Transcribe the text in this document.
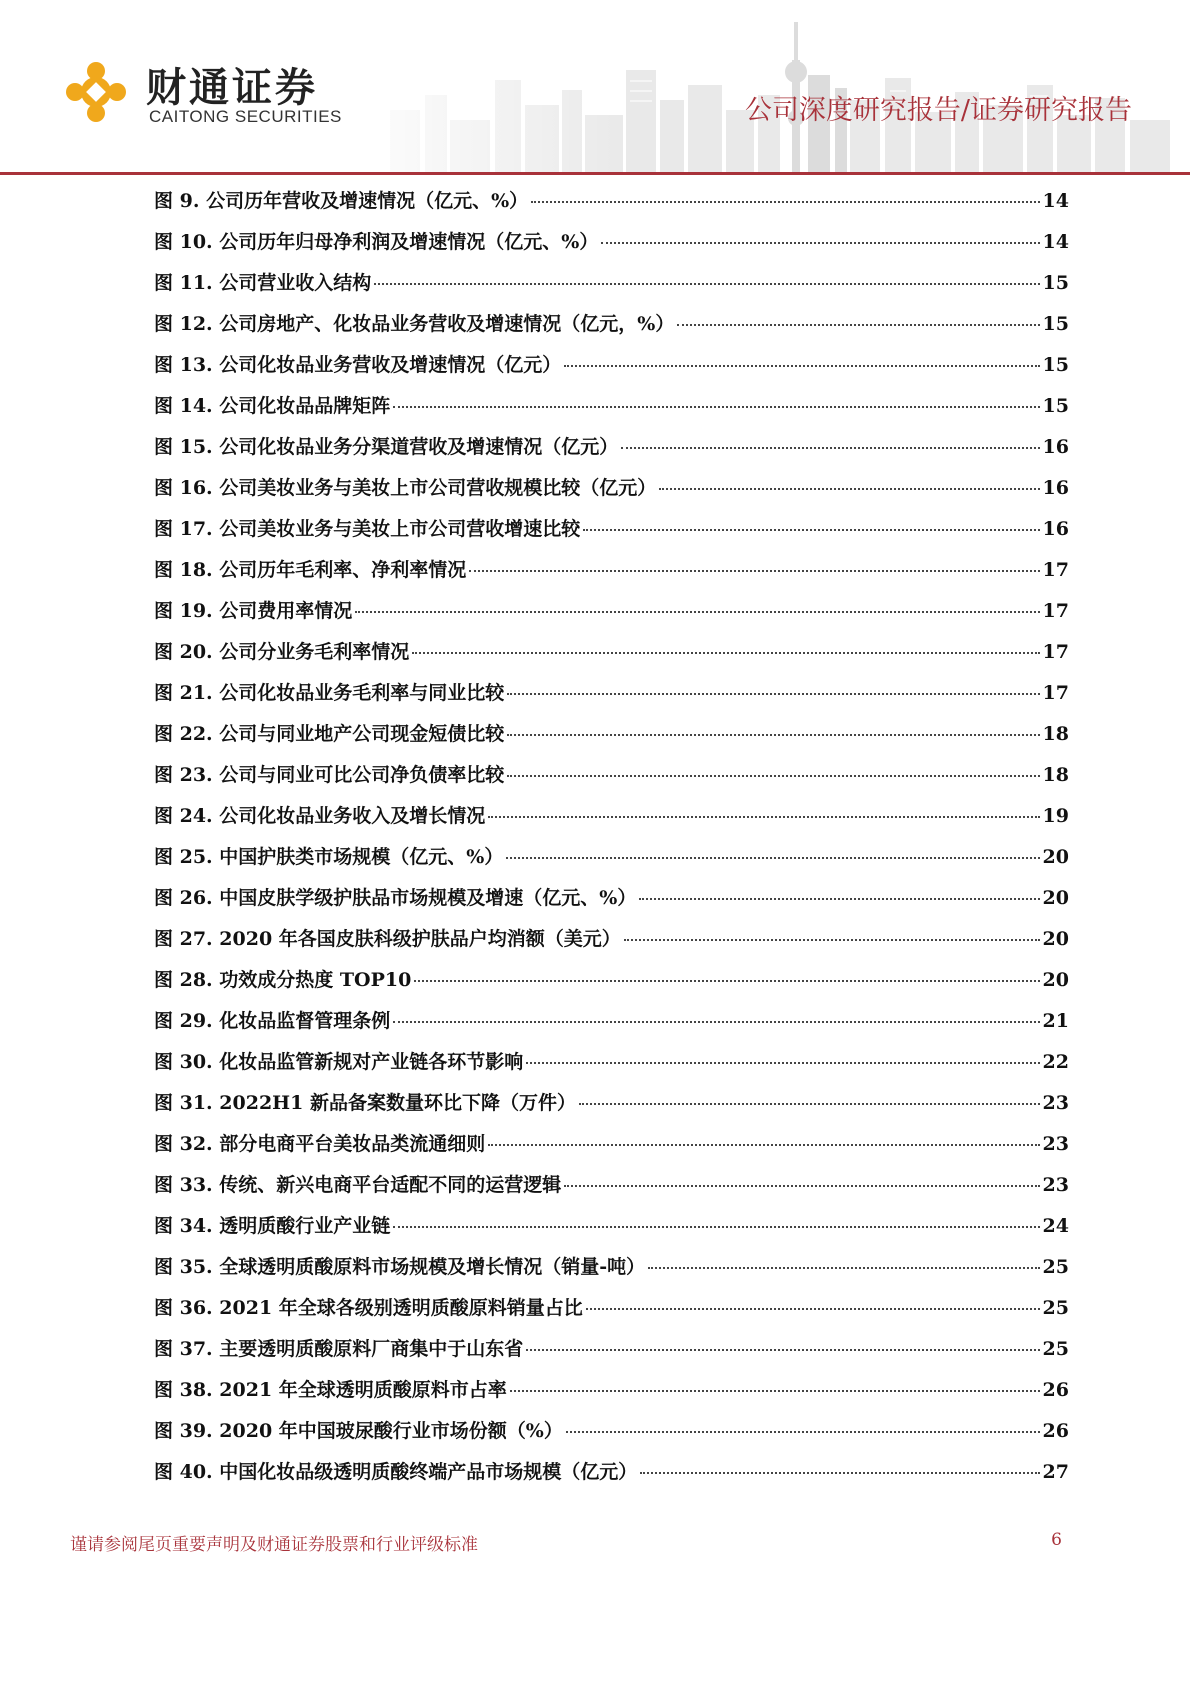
财通证券
CAITONG SECURITIES	公司深度研究报告/证券研究报告
图 9. 公司历年营收及增速情况（亿元、%）	14
图 10. 公司历年归母净利润及增速情况（亿元、%）	14
图 11. 公司营业收入结构	15
图 12. 公司房地产、化妆品业务营收及增速情况（亿元，%）	15
图 13. 公司化妆品业务营收及增速情况（亿元）	15
图 14. 公司化妆品品牌矩阵	15
图 15. 公司化妆品业务分渠道营收及增速情况（亿元）	16
图 16. 公司美妆业务与美妆上市公司营收规模比较（亿元）	16
图 17. 公司美妆业务与美妆上市公司营收增速比较	16
图 18. 公司历年毛利率、净利率情况	17
图 19. 公司费用率情况	17
图 20. 公司分业务毛利率情况	17
图 21. 公司化妆品业务毛利率与同业比较	17
图 22. 公司与同业地产公司现金短债比较	18
图 23. 公司与同业可比公司净负债率比较	18
图 24. 公司化妆品业务收入及增长情况	19
图 25. 中国护肤类市场规模（亿元、%）	20
图 26. 中国皮肤学级护肤品市场规模及增速（亿元、%）	20
图 27. 2020 年各国皮肤科级护肤品户均消额（美元）	20
图 28. 功效成分热度 TOP10	20
图 29. 化妆品监督管理条例	21
图 30. 化妆品监管新规对产业链各环节影响	22
图 31. 2022H1 新品备案数量环比下降（万件）	23
图 32. 部分电商平台美妆品类流通细则	23
图 33. 传统、新兴电商平台适配不同的运营逻辑	23
图 34. 透明质酸行业产业链	24
图 35. 全球透明质酸原料市场规模及增长情况（销量-吨）	25
图 36. 2021 年全球各级别透明质酸原料销量占比	25
图 37. 主要透明质酸原料厂商集中于山东省	25
图 38. 2021 年全球透明质酸原料市占率	26
图 39. 2020 年中国玻尿酸行业市场份额（%）	26
图 40. 中国化妆品级透明质酸终端产品市场规模（亿元）	27
谨请参阅尾页重要声明及财通证券股票和行业评级标准	6
